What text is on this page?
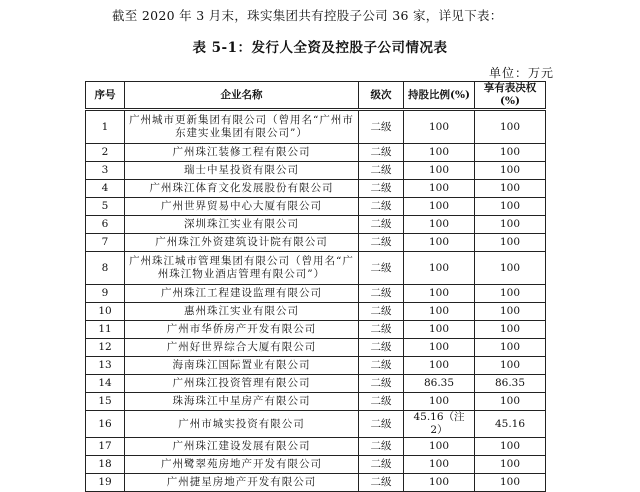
截至 2020 年 3 月末，珠实集团共有控股子公司 36 家，详见下表：
表 5-1：发行人全资及控股子公司情况表
单位：万元
序号	企业名称	级次	持股比例(%)	享有表决权(%)
1	广州城市更新集团有限公司（曾用名“广州市东建实业集团有限公司”）	二级	100	100
2	广州珠江装修工程有限公司	二级	100	100
3	瑞士中星投资有限公司	二级	100	100
4	广州珠江体育文化发展股份有限公司	二级	100	100
5	广州世界贸易中心大厦有限公司	二级	100	100
6	深圳珠江实业有限公司	二级	100	100
7	广州珠江外资建筑设计院有限公司	二级	100	100
8	广州珠江城市管理集团有限公司（曾用名“广州珠江物业酒店管理有限公司”）	二级	100	100
9	广州珠江工程建设监理有限公司	二级	100	100
10	惠州珠江实业有限公司	二级	100	100
11	广州市华侨房产开发有限公司	二级	100	100
12	广州好世界综合大厦有限公司	二级	100	100
13	海南珠江国际置业有限公司	二级	100	100
14	广州珠江投资管理有限公司	二级	86.35	86.35
15	珠海珠江中星房产有限公司	二级	100	100
16	广州市城实投资有限公司	二级	45.16（注 2）	45.16
17	广州珠江建设发展有限公司	二级	100	100
18	广州鹭翠苑房地产开发有限公司	二级	100	100
19	广州捷星房地产开发有限公司	二级	100	100
